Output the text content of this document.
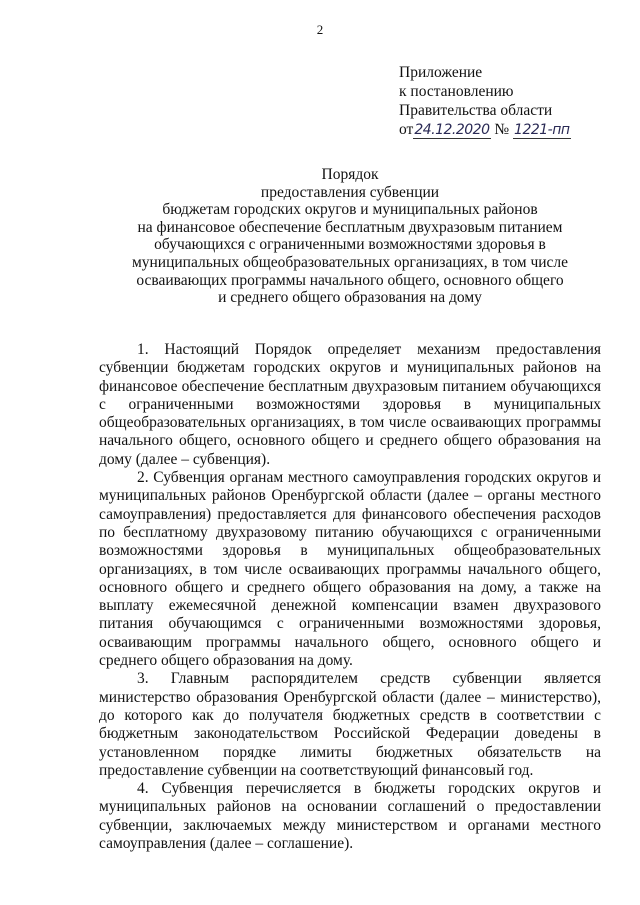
2
Приложение
к постановлению
Правительства области
от24.12.2020 № 1221-пп
Порядок
предоставления субвенции
бюджетам городских округов и муниципальных районов
на финансовое обеспечение бесплатным двухразовым питанием
обучающихся с ограниченными возможностями здоровья в
муниципальных общеобразовательных организациях, в том числе
осваивающих программы начального общего, основного общего
и среднего общего образования на дому

1. Настоящий Порядок определяет механизм предоставления субвенции бюджетам городских округов и муниципальных районов на финансовое обеспечение бесплатным двухразовым питанием обучающихся с ограниченными возможностями здоровья в муниципальных общеобразовательных организациях, в том числе осваивающих программы начального общего, основного общего и среднего общего образования на дому (далее – субвенция).

2. Субвенция органам местного самоуправления городских округов и муниципальных районов Оренбургской области (далее – органы местного самоуправления) предоставляется для финансового обеспечения расходов по бесплатному двухразовому питанию обучающихся с ограниченными возможностями здоровья в муниципальных общеобразовательных организациях, в том числе осваивающих программы начального общего, основного общего и среднего общего образования на дому, а также на выплату ежемесячной денежной компенсации взамен двухразового питания обучающимся с ограниченными возможностями здоровья, осваивающим программы начального общего, основного общего и среднего общего образования на дому.

3. Главным распорядителем средств субвенции является министерство образования Оренбургской области (далее – министерство), до которого как до получателя бюджетных средств в соответствии с бюджетным законодательством Российской Федерации доведены в установленном порядке лимиты бюджетных обязательств на предоставление субвенции на соответствующий финансовый год.

4. Субвенция перечисляется в бюджеты городских округов и муниципальных районов на основании соглашений о предоставлении субвенции, заключаемых между министерством и органами местного самоуправления (далее – соглашение).
